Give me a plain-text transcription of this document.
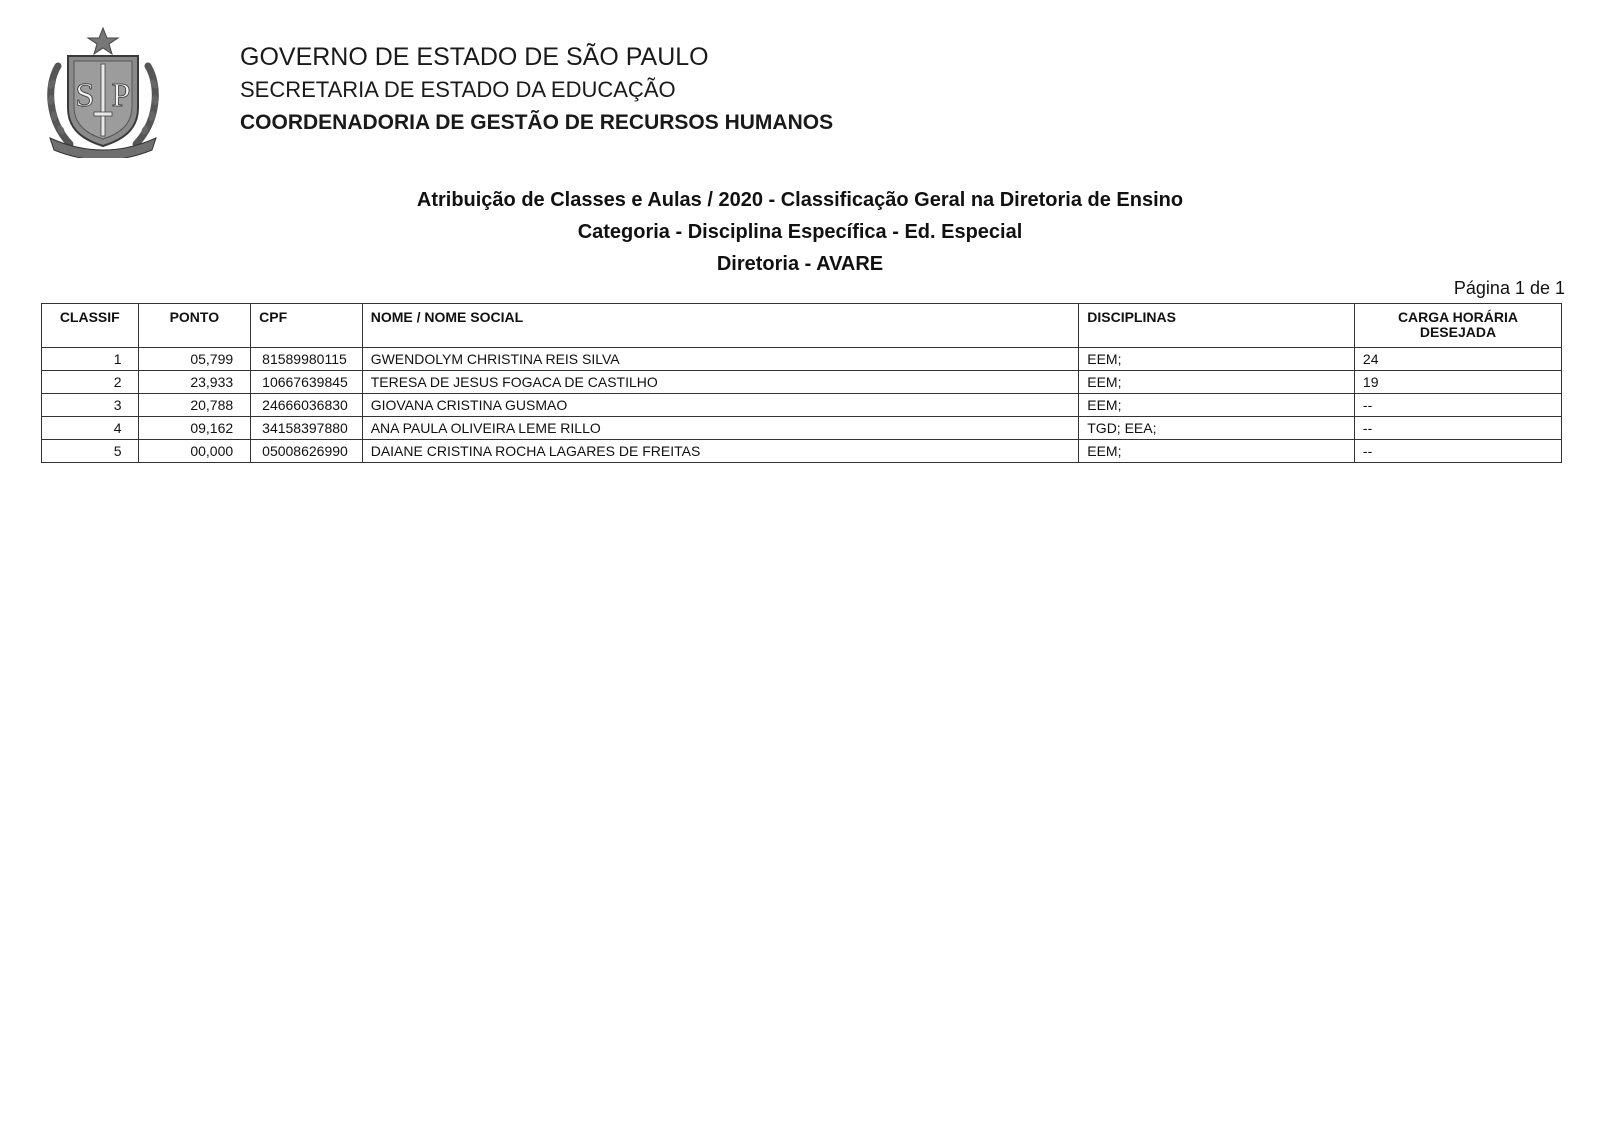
S P
GOVERNO DE ESTADO DE SÃO PAULO
SECRETARIA DE ESTADO DA EDUCAÇÃO
COORDENADORIA DE GESTÃO DE RECURSOS HUMANOS
Atribuição de Classes e Aulas / 2020 - Classificação Geral na Diretoria de Ensino
Categoria - Disciplina Específica - Ed. Especial
Diretoria - AVARE
Página 1 de 1
CLASSIF	PONTO	CPF	NOME / NOME SOCIAL	DISCIPLINAS	CARGA HORÁRIA
DESEJADA

1	05,799	81589980115	GWENDOLYM CHRISTINA REIS SILVA	EEM;	24
2	23,933	10667639845	TERESA DE JESUS FOGACA DE CASTILHO	EEM;	19
3	20,788	24666036830	GIOVANA CRISTINA GUSMAO	EEM;	--
4	09,162	34158397880	ANA PAULA OLIVEIRA LEME RILLO	TGD; EEA;	--
5	00,000	05008626990	DAIANE CRISTINA ROCHA LAGARES DE FREITAS	EEM;	--
